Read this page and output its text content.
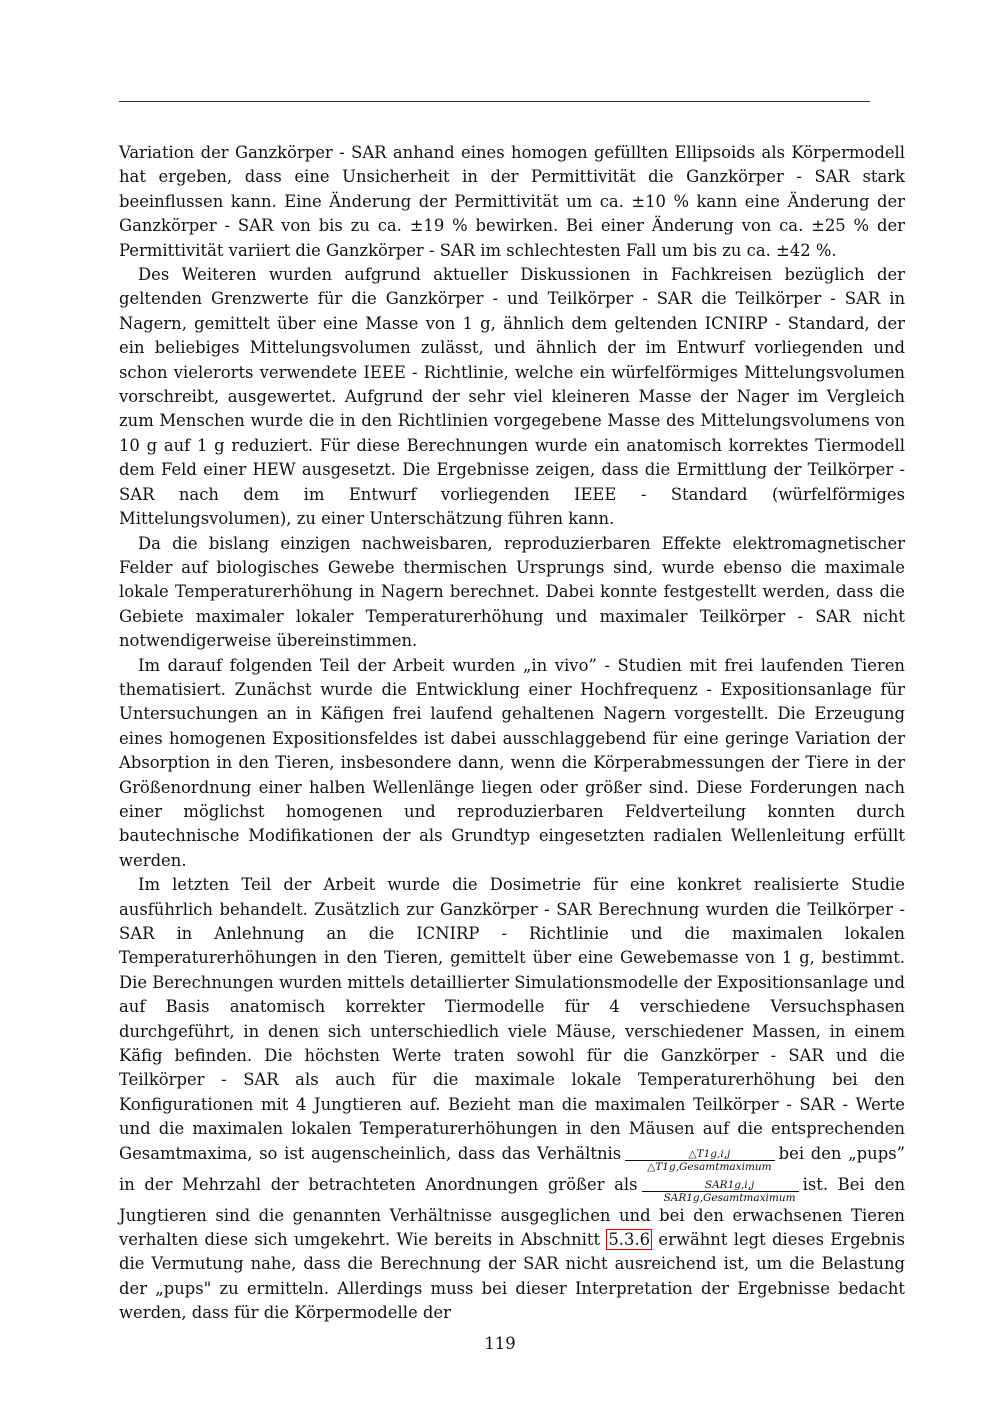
Variation der Ganzkörper - SAR anhand eines homogen gefüllten Ellipsoids als Körpermodell hat ergeben, dass eine Unsicherheit in der Permittivität die Ganzkörper - SAR stark beeinflussen kann. Eine Änderung der Permittivität um ca. ±10 % kann eine Änderung der Ganzkörper - SAR von bis zu ca. ±19 % bewirken. Bei einer Änderung von ca. ±25 % der Permittivität variiert die Ganzkörper - SAR im schlechtesten Fall um bis zu ca. ±42 %.

Des Weiteren wurden aufgrund aktueller Diskussionen in Fachkreisen bezüglich der geltenden Grenzwerte für die Ganzkörper - und Teilkörper - SAR die Teilkörper - SAR in Nagern, gemittelt über eine Masse von 1 g, ähnlich dem geltenden ICNIRP - Standard, der ein beliebiges Mittelungsvolumen zulässt, und ähnlich der im Entwurf vorliegenden und schon vielerorts verwendete IEEE - Richtlinie, welche ein würfelförmiges Mittelungsvolumen vorschreibt, ausgewertet. Aufgrund der sehr viel kleineren Masse der Nager im Vergleich zum Menschen wurde die in den Richtlinien vorgegebene Masse des Mittelungsvolumens von 10 g auf 1 g reduziert. Für diese Berechnungen wurde ein anatomisch korrektes Tiermodell dem Feld einer HEW ausgesetzt. Die Ergebnisse zeigen, dass die Ermittlung der Teilkörper - SAR nach dem im Entwurf vorliegenden IEEE - Standard (würfelförmiges Mittelungsvolumen), zu einer Unterschätzung führen kann.

Da die bislang einzigen nachweisbaren, reproduzierbaren Effekte elektromagnetischer Felder auf biologisches Gewebe thermischen Ursprungs sind, wurde ebenso die maximale lokale Temperaturerhöhung in Nagern berechnet. Dabei konnte festgestellt werden, dass die Gebiete maximaler lokaler Temperaturerhöhung und maximaler Teilkörper - SAR nicht notwendigerweise übereinstimmen.

Im darauf folgenden Teil der Arbeit wurden „in vivo” - Studien mit frei laufenden Tieren thematisiert. Zunächst wurde die Entwicklung einer Hochfrequenz - Expositionsanlage für Untersuchungen an in Käfigen frei laufend gehaltenen Nagern vorgestellt. Die Erzeugung eines homogenen Expositionsfeldes ist dabei ausschlaggebend für eine geringe Variation der Absorption in den Tieren, insbesondere dann, wenn die Körperabmessungen der Tiere in der Größenordnung einer halben Wellenlänge liegen oder größer sind. Diese Forderungen nach einer möglichst homogenen und reproduzierbaren Feldverteilung konnten durch bautechnische Modifikationen der als Grundtyp eingesetzten radialen Wellenleitung erfüllt werden.

Im letzten Teil der Arbeit wurde die Dosimetrie für eine konkret realisierte Studie ausführlich behandelt. Zusätzlich zur Ganzkörper - SAR Berechnung wurden die Teilkörper - SAR in Anlehnung an die ICNIRP - Richtlinie und die maximalen lokalen Temperaturerhöhungen in den Tieren, gemittelt über eine Gewebemasse von 1 g, bestimmt. Die Berechnungen wurden mittels detaillierter Simulationsmodelle der Expositionsanlage und auf Basis anatomisch korrekter Tiermodelle für 4 verschiedene Versuchsphasen durchgeführt, in denen sich unterschiedlich viele Mäuse, verschiedener Massen, in einem Käfig befinden. Die höchsten Werte traten sowohl für die Ganzkörper - SAR und die Teilkörper - SAR als auch für die maximale lokale Temperaturerhöhung bei den Konfigurationen mit 4 Jungtieren auf. Bezieht man die maximalen Teilkörper - SAR - Werte und die maximalen lokalen Temperaturerhöhungen in den Mäusen auf die entsprechenden Gesamtmaxima, so ist augenscheinlich, dass das Verhältnis $\frac{\triangle T1g,i,j}{\text{△T1g,Gesamtmaximum}}$ bei den „pups” in der Mehrzahl der betrachteten Anordnungen größer als $\frac{\text{SAR1g,i,j}}{\text{SAR1g,Gesamtmaximum}}$ ist. Bei den Jungtieren sind die genannten Verhältnisse ausgeglichen und bei den erwachsenen Tieren verhalten diese sich umgekehrt. Wie bereits in Abschnitt 5.3.6 erwähnt legt dieses Ergebnis die Vermutung nahe, dass die Berechnung der SAR nicht ausreichend ist, um die Belastung der „pups" zu ermitteln. Allerdings muss bei dieser Interpretation der Ergebnisse bedacht werden, dass für die Körpermodelle der

119
